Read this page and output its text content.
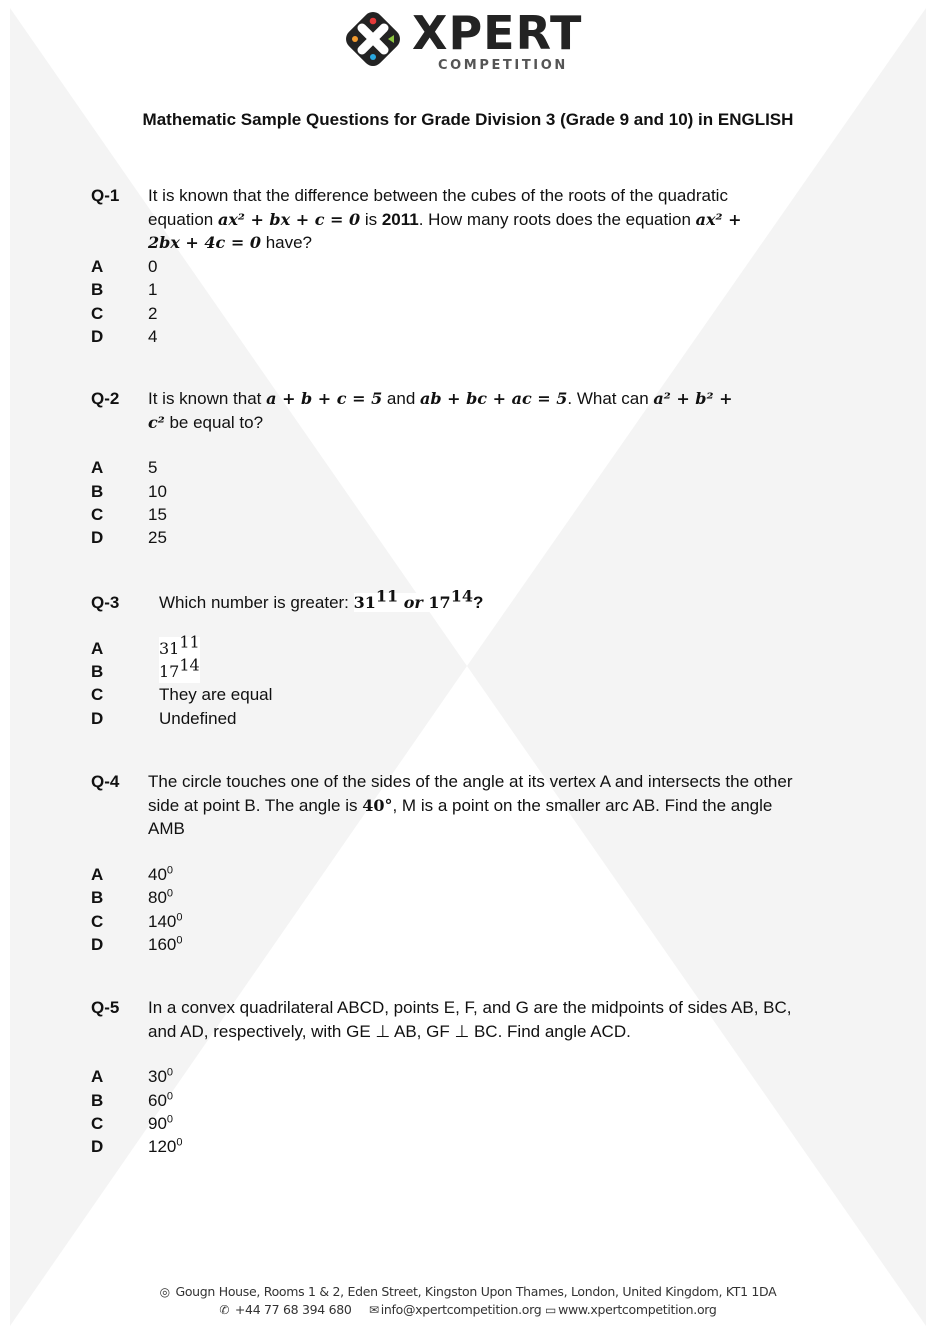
XPERT
COMPETITION
Mathematic Sample Questions for Grade Division 3 (Grade 9 and 10) in ENGLISH
Q-1 It is known that the difference between the cubes of the roots of the quadratic
equation ax² + bx + c = 0 is 2011. How many roots does the equation ax² +
2bx + 4c = 0 have?
A	0
B	1
C	2
D	4
Q-2 It is known that a + b + c = 5 and ab + bc + ac = 5. What can a² + b² +
c² be equal to?
A	5
B	10
C	15
D	25
Q-3 Which number is greater: $31^{11}$ or $17^{14}$?
A	$31^{11}$
B	$17^{14}$
C	They are equal
D	Undefined
Q-4 The circle touches one of the sides of the angle at its vertex A and intersects the other
side at point B. The angle is 40°, M is a point on the smaller arc AB. Find the angle
AMB
A	$40^0$
B	$80^0$
C	$140^0$
D	$160^0$
Q-5 In a convex quadrilateral ABCD, points E, F, and G are the midpoints of sides AB, BC,
and AD, respectively, with GE ⊥ AB, GF ⊥ BC. Find angle ACD.
A	$30^0$
B	$60^0$
C	$90^0$
D	$120^0$
◎ Gougn House, Rooms 1 & 2, Eden Street, Kingston Upon Thames, London, United Kingdom, KT1 1DA
✆ +44 77 68 394 680 ✉ info@xpertcompetition.org ▭ www.xpertcompetition.org
